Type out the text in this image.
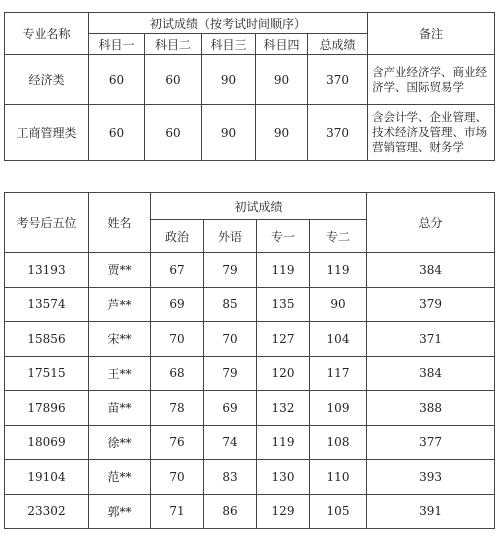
专业名称	初试成绩（按考试时间顺序）					备注
	科目一	科目二	科目三	科目四	总成绩	
经济类	60	60	90	90	370	含产业经济学、商业经济学、国际贸易学
工商管理类	60	60	90	90	370	含会计学、企业管理、技术经济及管理、市场营销管理、财务学
考号后五位	姓名	初试成绩				总分
		政治	外语	专一	专二	
13193	贾**	67	79	119	119	384
13574	芦**	69	85	135	90	379
15856	宋**	70	70	127	104	371
17515	王**	68	79	120	117	384
17896	苗**	78	69	132	109	388
18069	徐**	76	74	119	108	377
19104	范**	70	83	130	110	393
23302	郭**	71	86	129	105	391
